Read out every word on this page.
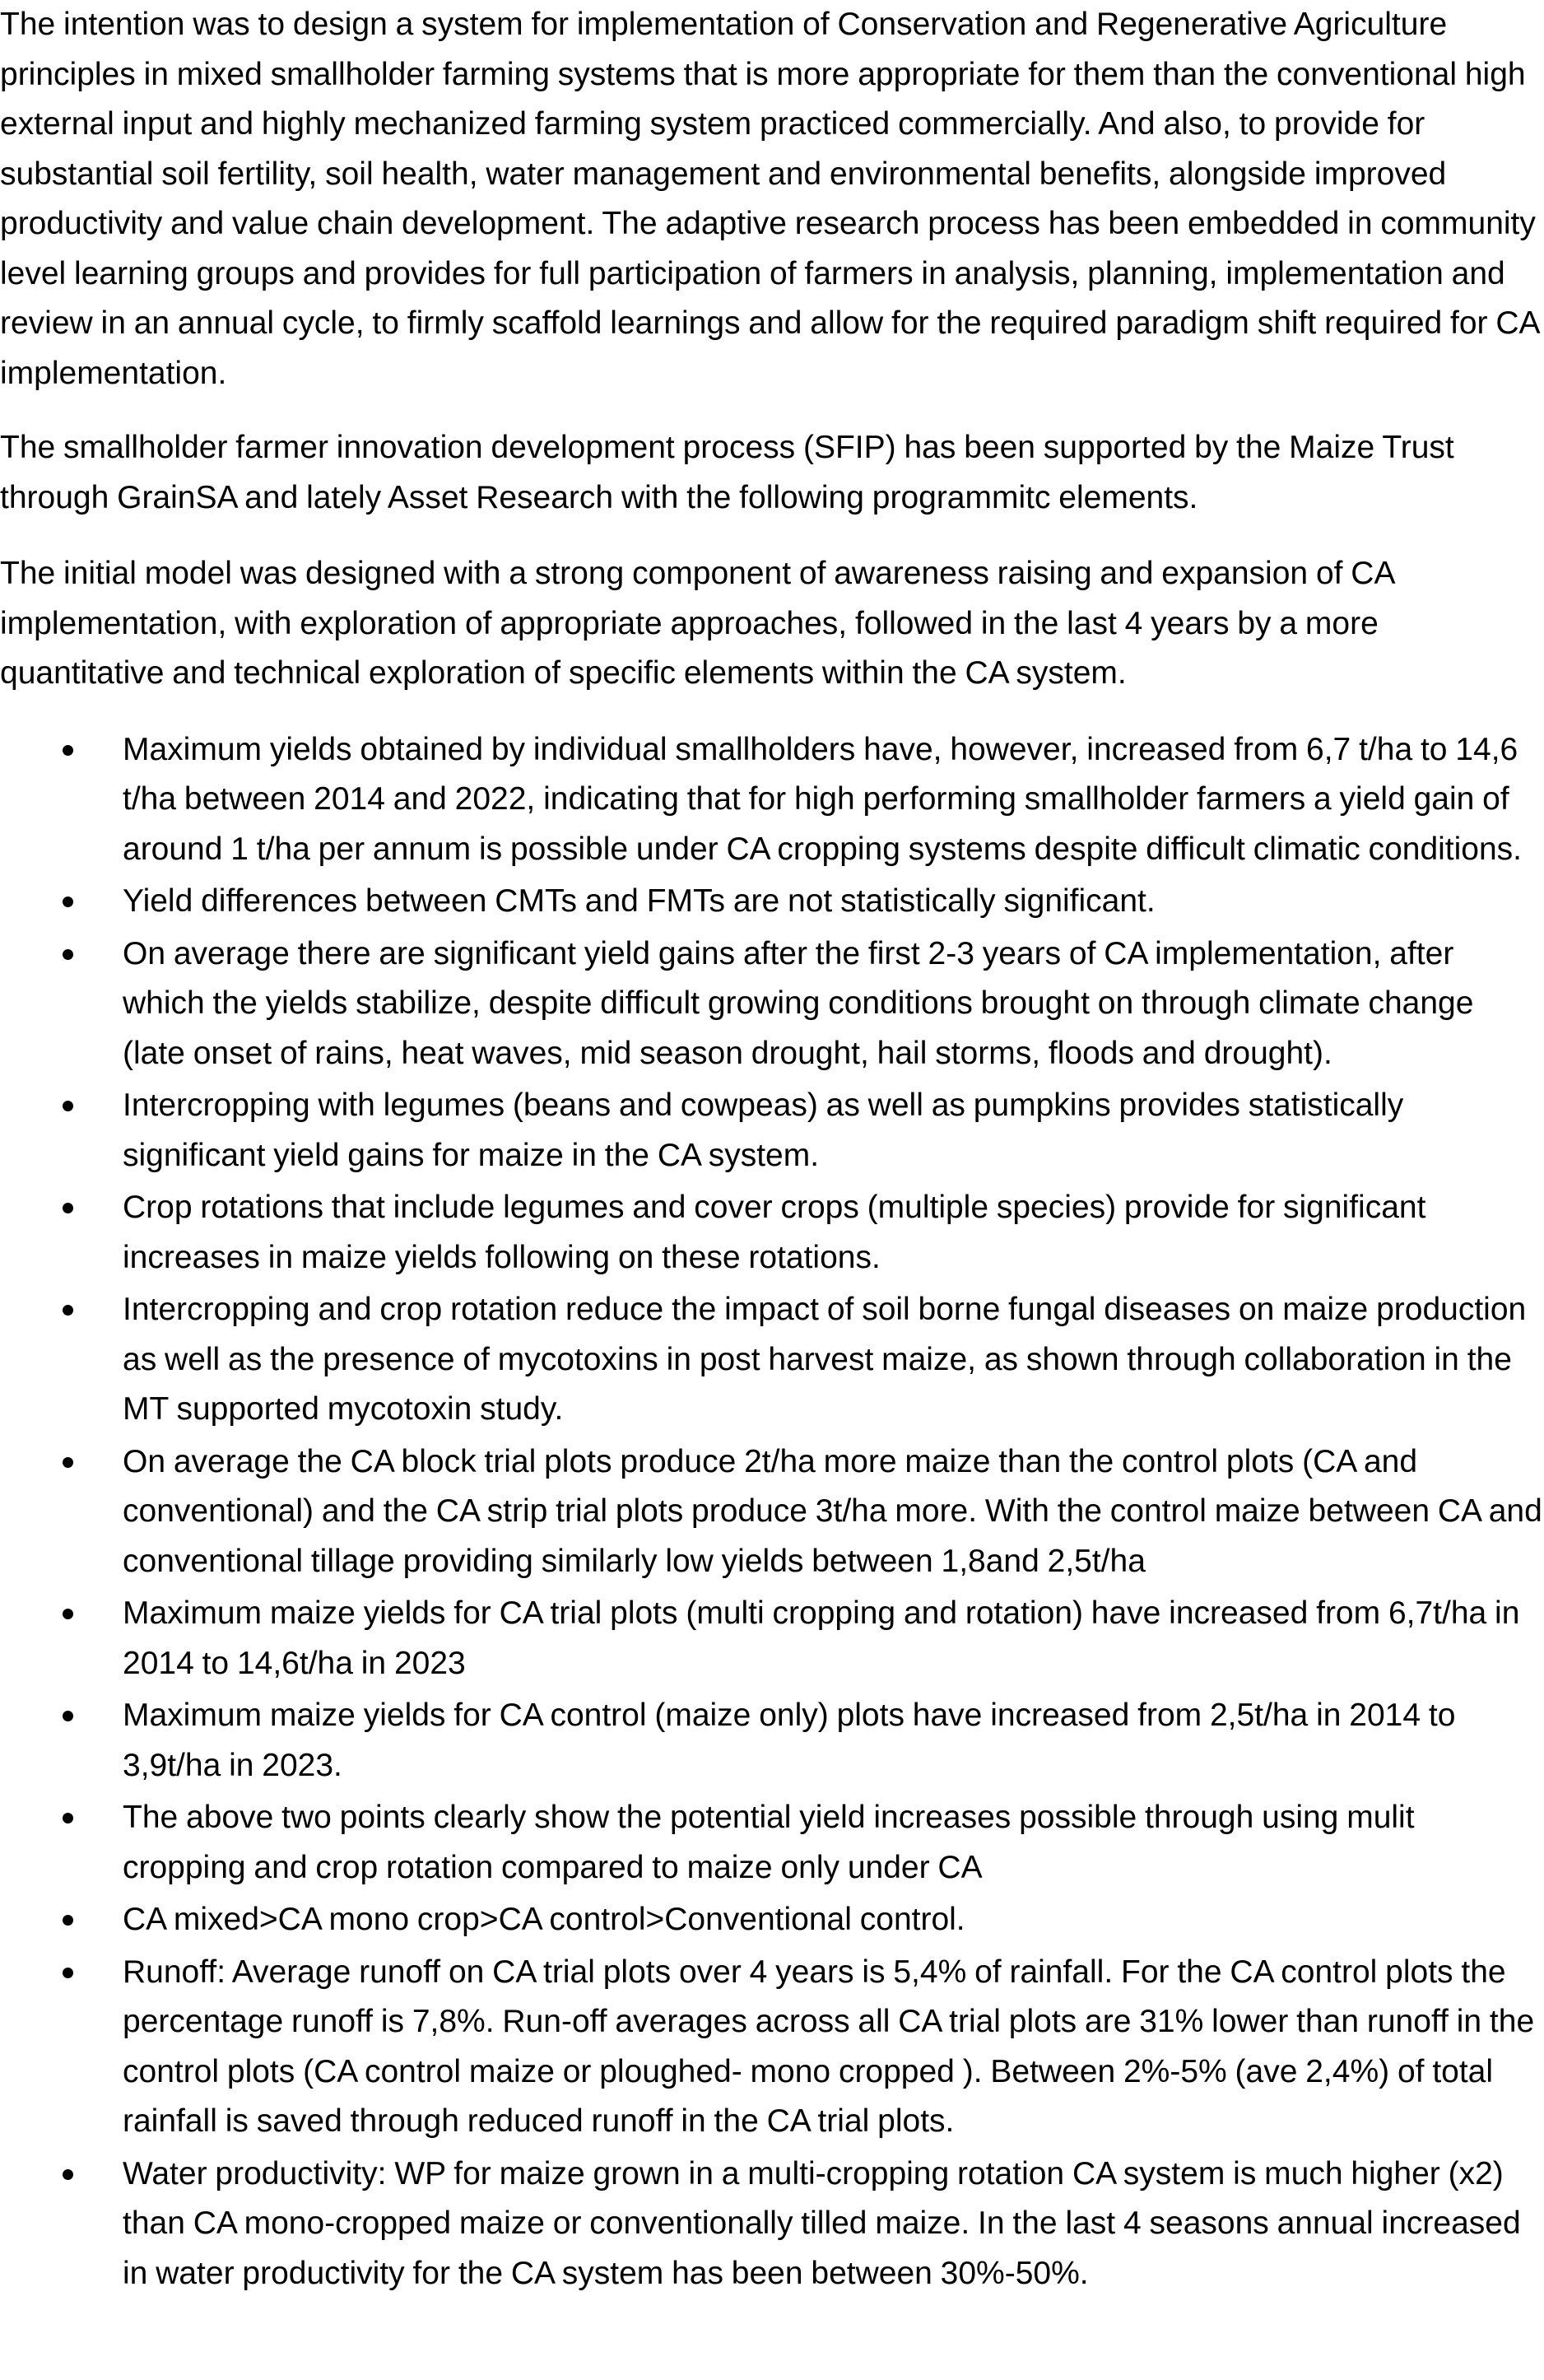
The intention was to design a system for implementation of Conservation and Regenerative Agriculture principles in mixed smallholder farming systems that is more appropriate for them than the conventional high external input and highly mechanized farming system practiced commercially. And also, to provide for substantial soil fertility, soil health, water management and environmental benefits, alongside improved productivity and value chain development. The adaptive research process has been embedded in community level learning groups and provides for full participation of farmers in analysis, planning, implementation and review in an annual cycle, to firmly scaffold learnings and allow for the required paradigm shift required for CA implementation.

The smallholder farmer innovation development process (SFIP) has been supported by the Maize Trust through GrainSA and lately Asset Research with the following programmitc elements.

The initial model was designed with a strong component of awareness raising and expansion of CA implementation, with exploration of appropriate approaches, followed in the last 4 years by a more quantitative and technical exploration of specific elements within the CA system.

Maximum yields obtained by individual smallholders have, however, increased from 6,7 t/ha to 14,6 t/ha between 2014 and 2022, indicating that for high performing smallholder farmers a yield gain of around 1 t/ha per annum is possible under CA cropping systems despite difficult climatic conditions.
Yield differences between CMTs and FMTs are not statistically significant.
On average there are significant yield gains after the first 2-3 years of CA implementation, after which the yields stabilize, despite difficult growing conditions brought on through climate change (late onset of rains, heat waves, mid season drought, hail storms, floods and drought).
Intercropping with legumes (beans and cowpeas) as well as pumpkins provides statistically significant yield gains for maize in the CA system.
Crop rotations that include legumes and cover crops (multiple species) provide for significant increases in maize yields following on these rotations.
Intercropping and crop rotation reduce the impact of soil borne fungal diseases on maize production as well as the presence of mycotoxins in post harvest maize, as shown through collaboration in the MT supported mycotoxin study.
On average the CA block trial plots produce 2t/ha more maize than the control plots (CA and conventional) and the CA strip trial plots produce 3t/ha more. With the control maize between CA and conventional tillage providing similarly low yields between 1,8and 2,5t/ha
Maximum maize yields for CA trial plots (multi cropping and rotation) have increased from 6,7t/ha in 2014 to 14,6t/ha in 2023
Maximum maize yields for CA control (maize only) plots have increased from 2,5t/ha in 2014 to 3,9t/ha in 2023.
The above two points clearly show the potential yield increases possible through using mulit cropping and crop rotation compared to maize only under CA
CA mixed>CA mono crop>CA control>Conventional control.
Runoff: Average runoff on CA trial plots over 4 years is 5,4% of rainfall. For the CA control plots the percentage runoff is 7,8%. Run-off averages across all CA trial plots are 31% lower than runoff in the control plots (CA control maize or ploughed- mono cropped ). Between 2%-5% (ave 2,4%) of total rainfall is saved through reduced runoff in the CA trial plots.
Water productivity: WP for maize grown in a multi-cropping rotation CA system is much higher (x2) than CA mono-cropped maize or conventionally tilled maize. In the last 4 seasons annual increased in water productivity for the CA system has been between 30%-50%.
